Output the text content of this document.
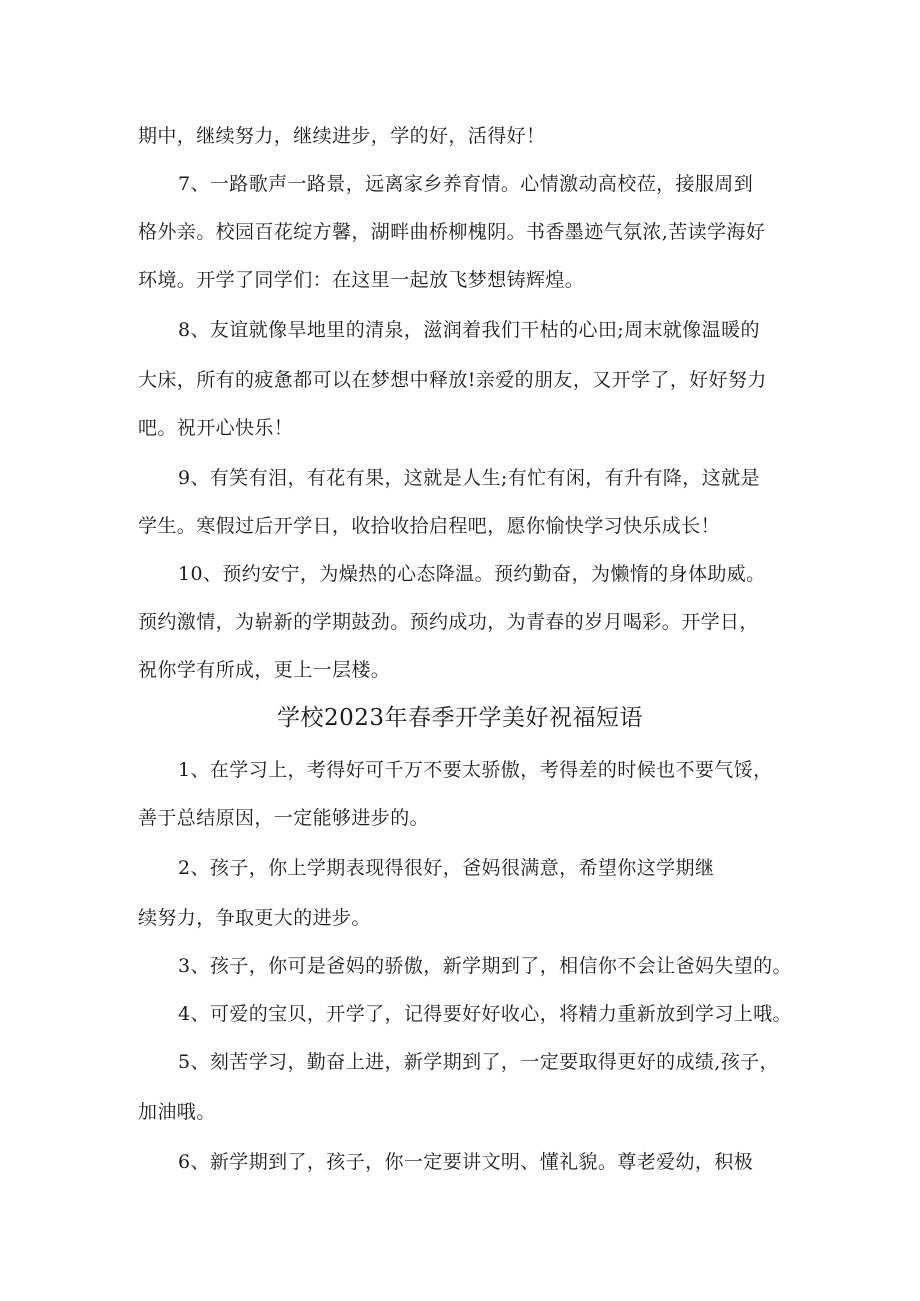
期中，继续努力，继续进步，学的好，活得好！
7、一路歌声一路景，远离家乡养育情。心情激动高校莅，接服周到
格外亲。校园百花绽方馨，湖畔曲桥柳槐阴。书香墨迹气氛浓,苦读学海好
环境。开学了同学们：在这里一起放飞梦想铸辉煌。
8、友谊就像旱地里的清泉，滋润着我们干枯的心田;周末就像温暖的
大床，所有的疲惫都可以在梦想中释放!亲爱的朋友，又开学了，好好努力
吧。祝开心快乐！
9、有笑有泪，有花有果，这就是人生;有忙有闲，有升有降，这就是
学生。寒假过后开学日，收拾收拾启程吧，愿你愉快学习快乐成长！
10、预约安宁，为燥热的心态降温。预约勤奋，为懒惰的身体助威。
预约激情，为崭新的学期鼓劲。预约成功，为青春的岁月喝彩。开学日，
祝你学有所成，更上一层楼。
学校2023年春季开学美好祝福短语
1、在学习上，考得好可千万不要太骄傲，考得差的时候也不要气馁，
善于总结原因，一定能够进步的。
2、孩子，你上学期表现得很好，爸妈很满意，希望你这学期继
续努力，争取更大的进步。
3、孩子，你可是爸妈的骄傲，新学期到了，相信你不会让爸妈失望的。
4、可爱的宝贝，开学了，记得要好好收心，将精力重新放到学习上哦。
5、刻苦学习，勤奋上进，新学期到了，一定要取得更好的成绩,孩子，
加油哦。
6、新学期到了，孩子，你一定要讲文明、懂礼貌。尊老爱幼，积极
